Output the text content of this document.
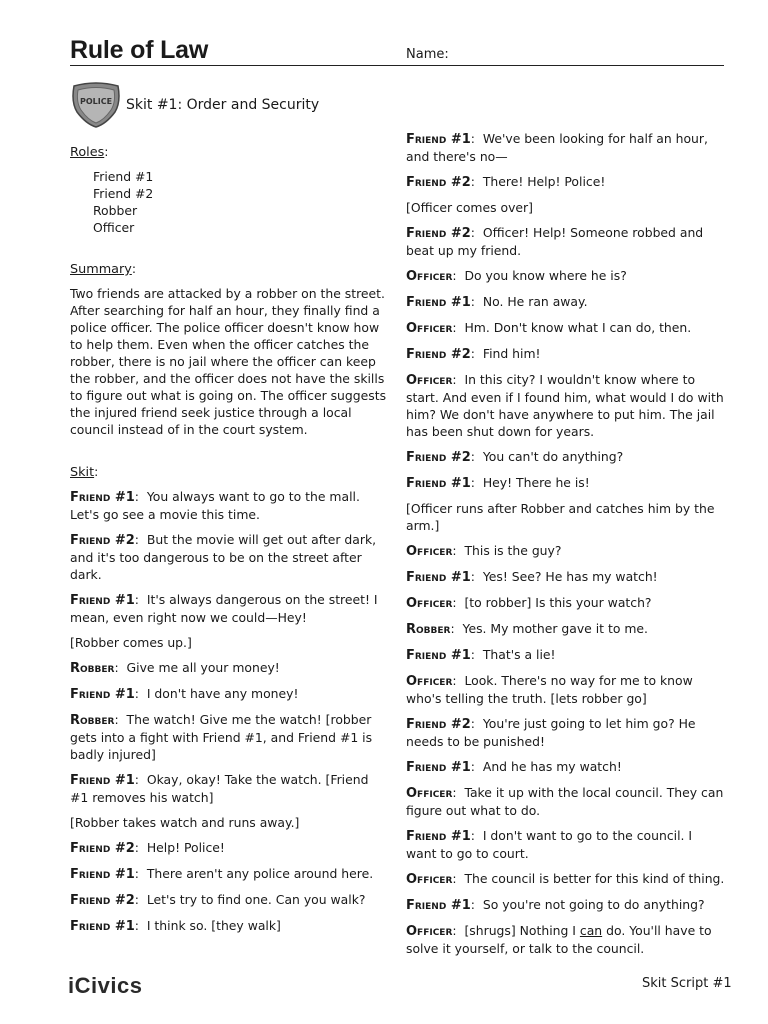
Rule of Law	Name:
POLICE Skit #1: Order and Security
Roles:
Friend #1
Friend #2
Robber
Officer
Summary:
Two friends are attacked by a robber on the street. After searching for half an hour, they finally find a police officer. The police officer doesn't know how to help them. Even when the officer catches the robber, there is no jail where the officer can keep the robber, and the officer does not have the skills to figure out what is going on. The officer suggests the injured friend seek justice through a local council instead of in the court system.
Skit:
Friend #1:  You always want to go to the mall. Let's go see a movie this time.
Friend #2:  But the movie will get out after dark, and it's too dangerous to be on the street after dark.
Friend #1:  It's always dangerous on the street! I mean, even right now we could—Hey!
[Robber comes up.]
Robber:  Give me all your money!
Friend #1:  I don't have any money!
Robber:  The watch! Give me the watch! [robber gets into a fight with Friend #1, and Friend #1 is badly injured]
Friend #1:  Okay, okay! Take the watch. [Friend #1 removes his watch]
[Robber takes watch and runs away.]
Friend #2:  Help! Police!
Friend #1:  There aren't any police around here.
Friend #2:  Let's try to find one. Can you walk?
Friend #1:  I think so. [they walk]
Friend #1:  We've been looking for half an hour, and there's no—
Friend #2:  There! Help! Police!
[Officer comes over]
Friend #2:  Officer! Help! Someone robbed and beat up my friend.
Officer:  Do you know where he is?
Friend #1:  No. He ran away.
Officer:  Hm. Don't know what I can do, then.
Friend #2:  Find him!
Officer:  In this city? I wouldn't know where to start. And even if I found him, what would I do with him? We don't have anywhere to put him. The jail has been shut down for years.
Friend #2:  You can't do anything?
Friend #1:  Hey! There he is!
[Officer runs after Robber and catches him by the arm.]
Officer:  This is the guy?
Friend #1:  Yes! See? He has my watch!
Officer:  [to robber] Is this your watch?
Robber:  Yes. My mother gave it to me.
Friend #1:  That's a lie!
Officer:  Look. There's no way for me to know who's telling the truth. [lets robber go]
Friend #2:  You're just going to let him go? He needs to be punished!
Friend #1:  And he has my watch!
Officer:  Take it up with the local council. They can figure out what to do.
Friend #1:  I don't want to go to the council. I want to go to court.
Officer:  The council is better for this kind of thing.
Friend #1:  So you're not going to do anything?
Officer:  [shrugs] Nothing I can do. You'll have to solve it yourself, or talk to the council.
iCivics	Skit Script #1
